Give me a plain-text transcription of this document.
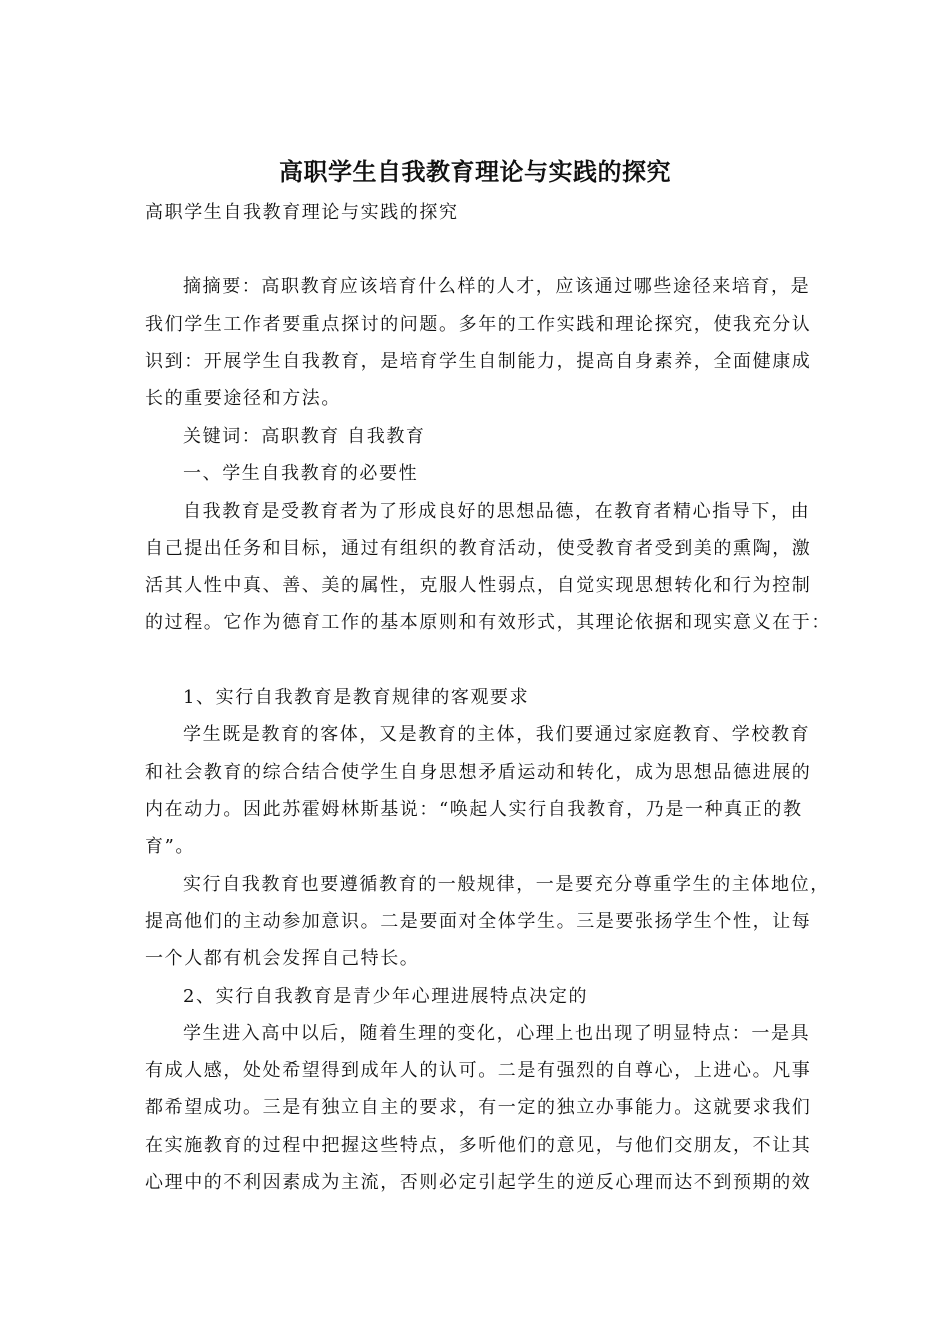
高职学生自我教育理论与实践的探究
高职学生自我教育理论与实践的探究
摘摘要：高职教育应该培育什么样的人才，应该通过哪些途径来培育，是
我们学生工作者要重点探讨的问题。多年的工作实践和理论探究，使我充分认
识到：开展学生自我教育，是培育学生自制能力，提高自身素养，全面健康成
长的重要途径和方法。
关键词：高职教育 自我教育
一、学生自我教育的必要性
自我教育是受教育者为了形成良好的思想品德，在教育者精心指导下，由
自己提出任务和目标，通过有组织的教育活动，使受教育者受到美的熏陶，激
活其人性中真、善、美的属性，克服人性弱点，自觉实现思想转化和行为控制
的过程。它作为德育工作的基本原则和有效形式，其理论依据和现实意义在于：
1、实行自我教育是教育规律的客观要求
学生既是教育的客体，又是教育的主体，我们要通过家庭教育、学校教育
和社会教育的综合结合使学生自身思想矛盾运动和转化，成为思想品德进展的
内在动力。因此苏霍姆林斯基说：“唤起人实行自我教育，乃是一种真正的教
育”。
实行自我教育也要遵循教育的一般规律，一是要充分尊重学生的主体地位，
提高他们的主动参加意识。二是要面对全体学生。三是要张扬学生个性，让每
一个人都有机会发挥自己特长。
2、实行自我教育是青少年心理进展特点决定的
学生进入高中以后，随着生理的变化，心理上也出现了明显特点：一是具
有成人感，处处希望得到成年人的认可。二是有强烈的自尊心，上进心。凡事
都希望成功。三是有独立自主的要求，有一定的独立办事能力。这就要求我们
在实施教育的过程中把握这些特点，多听他们的意见，与他们交朋友，不让其
心理中的不利因素成为主流，否则必定引起学生的逆反心理而达不到预期的效
